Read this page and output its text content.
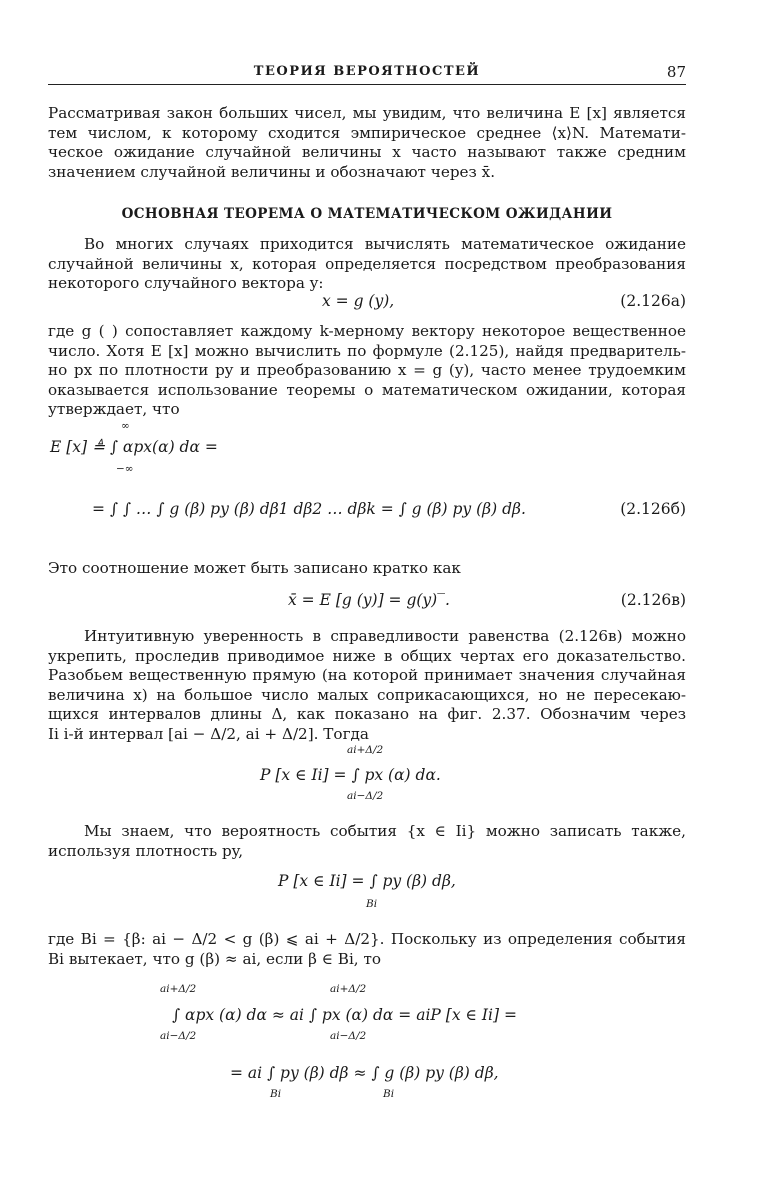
ТЕОРИЯ ВЕРОЯТНОСТЕЙ	87

Рассматривая закон больших чисел, мы увидим, что величина E [x] является
тем числом, к которому сходится эмпирическое среднее ⟨x⟩N. Математи-
ческое ожидание случайной величины x часто называют также средним
значением случайной величины и обозначают через x̄.

ОСНОВНАЯ ТЕОРЕМА О МАТЕМАТИЧЕСКОМ ОЖИДАНИИ

Во многих случаях приходится вычислять математическое ожидание
случайной величины x, которая определяется посредством преобразования
некоторого случайного вектора y:

x = g (y),	(2.126a)

где g ( ) сопоставляет каждому k-мерному вектору некоторое вещественное
число. Хотя E [x] можно вычислить по формуле (2.125), найдя предваритель-
но px по плотности py и преобразованию x = g (y), часто менее трудоемким
оказывается использование теоремы о математическом ожидании, которая
утверждает, что

E [x] ≜ ∫ αpx(α) dα =
∞
−∞
= ∫ ∫ … ∫ g (β) py (β) dβ1 dβ2 … dβk = ∫ g (β) py (β) dβ.	(2.126б)

Это соотношение может быть записано кратко как

x̄ = E [g (y)] = g(y)‾.	(2.126в)

Интуитивную уверенность в справедливости равенства (2.126в) можно
укрепить, проследив приводимое ниже в общих чертах его доказательство.
Разобьем вещественную прямую (на которой принимает значения случайная
величина x) на большое число малых соприкасающихся, но не пересекаю-
щихся интервалов длины Δ, как показано на фиг. 2.37. Обозначим через
Ii i-й интервал [ai − Δ/2, ai + Δ/2]. Тогда

ai+Δ/2
P [x ∈ Ii] = ∫ px (α) dα.
ai−Δ/2

Мы знаем, что вероятность события {x ∈ Ii} можно записать также,
используя плотность py,

P [x ∈ Ii] = ∫ py (β) dβ,
Bi

где Bi = {β: ai − Δ/2 < g (β) ⩽ ai + Δ/2}. Поскольку из определения события
Bi вытекает, что g (β) ≈ ai, если β ∈ Bi, то

ai+Δ/2	ai+Δ/2
∫ αpx (α) dα ≈ ai ∫ px (α) dα = aiP [x ∈ Ii] =
ai−Δ/2	ai−Δ/2
= ai ∫ py (β) dβ ≈ ∫ g (β) py (β) dβ,
Bi	Bi
